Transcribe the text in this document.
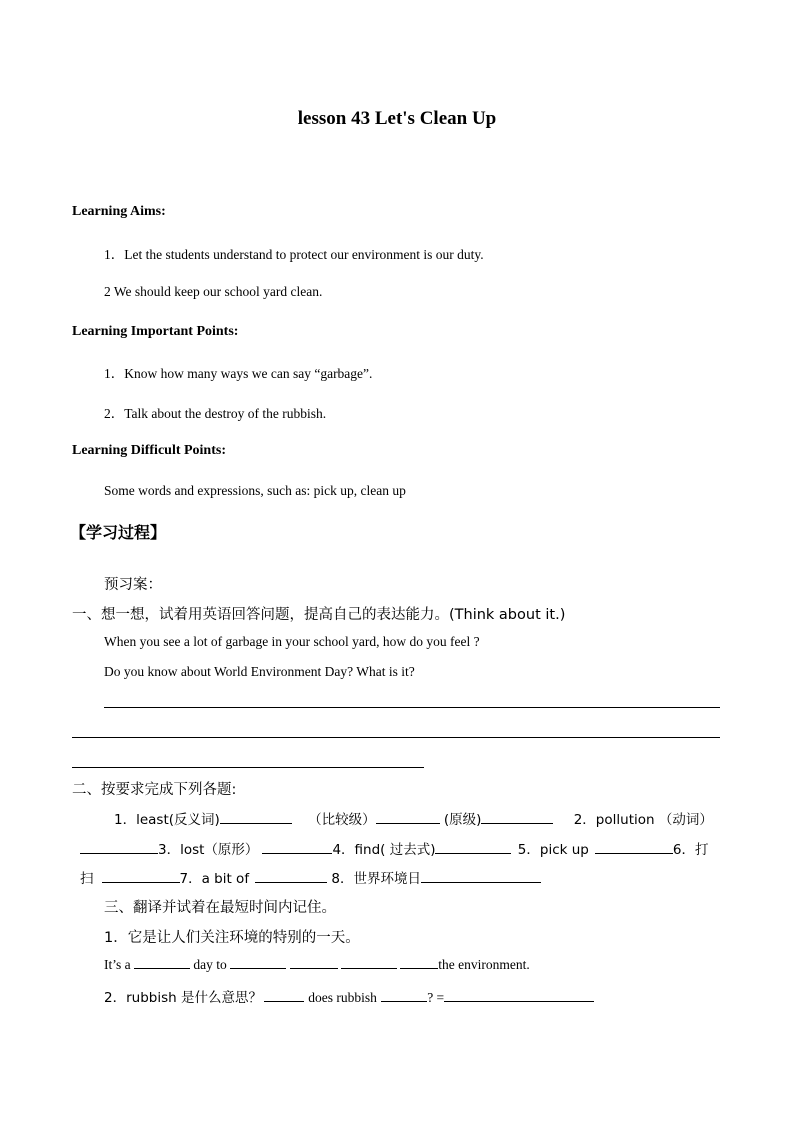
lesson 43 Let's Clean Up
Learning Aims:
1．Let the students understand to protect our environment is our duty.
2 We should keep our school yard clean.
Learning Important Points:
1．Know how many ways we can say “garbage”.
2．Talk about the destroy of the rubbish.
Learning Difficult Points:
Some words and expressions, such as: pick up, clean up
【学习过程】
预习案：
一、想一想，试着用英语回答问题，提高自己的表达能力。(Think about it.)
When you see a lot of garbage in your school yard, how do you feel ?
Do you know about World Environment Day? What is it?
二、按要求完成下列各题:
1．least(反义词)	（比较级）	(原级)	2．pollution （动词）
3．lost（原形）	4．find( 过去式)	5．pick up	6．打
扫	7．a bit of	8．世界环境日
三、翻译并试着在最短时间内记住。
1．它是让人们关注环境的特别的一天。
It’s a	day to	the environment.
2．rubbish 是什么意思？	does rubbish	? =
